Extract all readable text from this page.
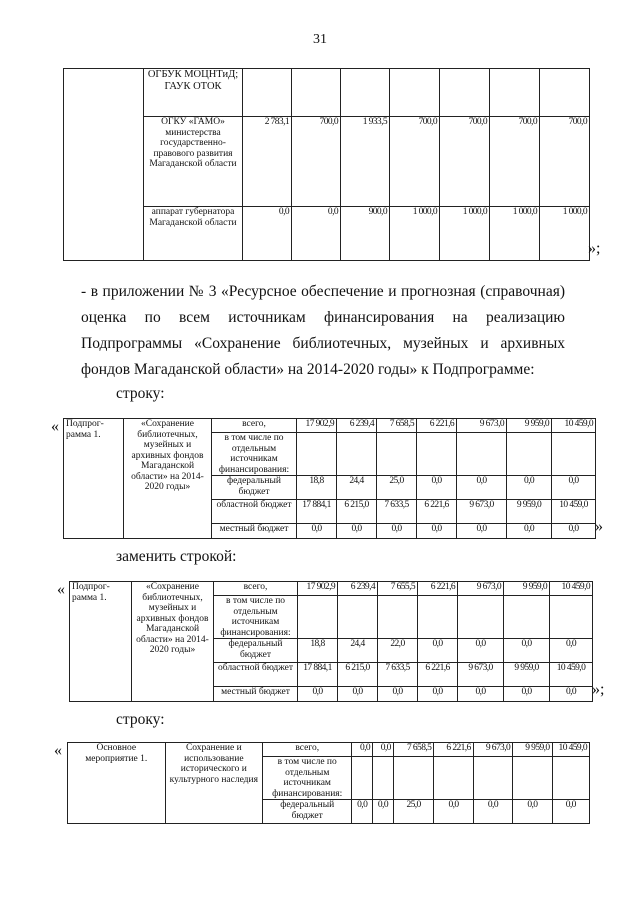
31
	ОГБУК МОЦНТиД; ГАУК ОТОК							
	ОГКУ «ГАМО» министерства государственно-правового развития Магаданской области	2 783,1	700,0	1 933,5	700,0	700,0	700,0	700,0
	аппарат губернатора Магаданской области	0,0	0,0	900,0	1 000,0	1 000,0	1 000,0	1 000,0
»;
- в приложении № 3 «Ресурсное обеспечение и прогнозная (справочная) оценка по всем источникам финансирования на реализацию Подпрограммы «Сохранение библиотечных, музейных и архивных фондов Магаданской области» на 2014-2020 годы» к Подпрограмме:
строку:
« Подпрог- рамма 1.	«Сохранение библиотечных, музейных и архивных фондов Магаданской области» на 2014- 2020 годы»	всего,	17 902,9	6 239,4	7 658,5	6 221,6	9 673,0	9 959,0	10 459,0
		в том числе по отдельным источникам финансирования:							
		федеральный бюджет	18,8	24,4	25,0	0,0	0,0	0,0	0,0
		областной бюджет	17 884,1	6 215,0	7 633,5	6 221,6	9 673,0	9 959,0	10 459,0
		местный бюджет	0,0	0,0	0,0	0,0	0,0	0,0	0,0 »
заменить строкой:
« Подпрог- рамма 1.	«Сохранение библиотечных, музейных и архивных фондов Магаданской области» на 2014- 2020 годы»	всего,	17 902,9	6 239,4	7 655,5	6 221,6	9 673,0	9 959,0	10 459,0
		в том числе по отдельным источникам финансирования:							
		федеральный бюджет	18,8	24,4	22,0	0,0	0,0	0,0	0,0
		областной бюджет	17 884,1	6 215,0	7 633,5	6 221,6	9 673,0	9 959,0	10 459,0
		местный бюджет	0,0	0,0	0,0	0,0	0,0	0,0	0,0 »;
строку:
«	Основное мероприятие 1.	Сохранение и использование исторического и культурного наследия	всего,	0,0	0,0	7 658,5	6 221,6	9 673,0	9 959,0	10 459,0
		в том числе по отдельным источникам финансирования:							
		федеральный бюджет	0,0	0,0	25,0	0,0	0,0	0,0	0,0
